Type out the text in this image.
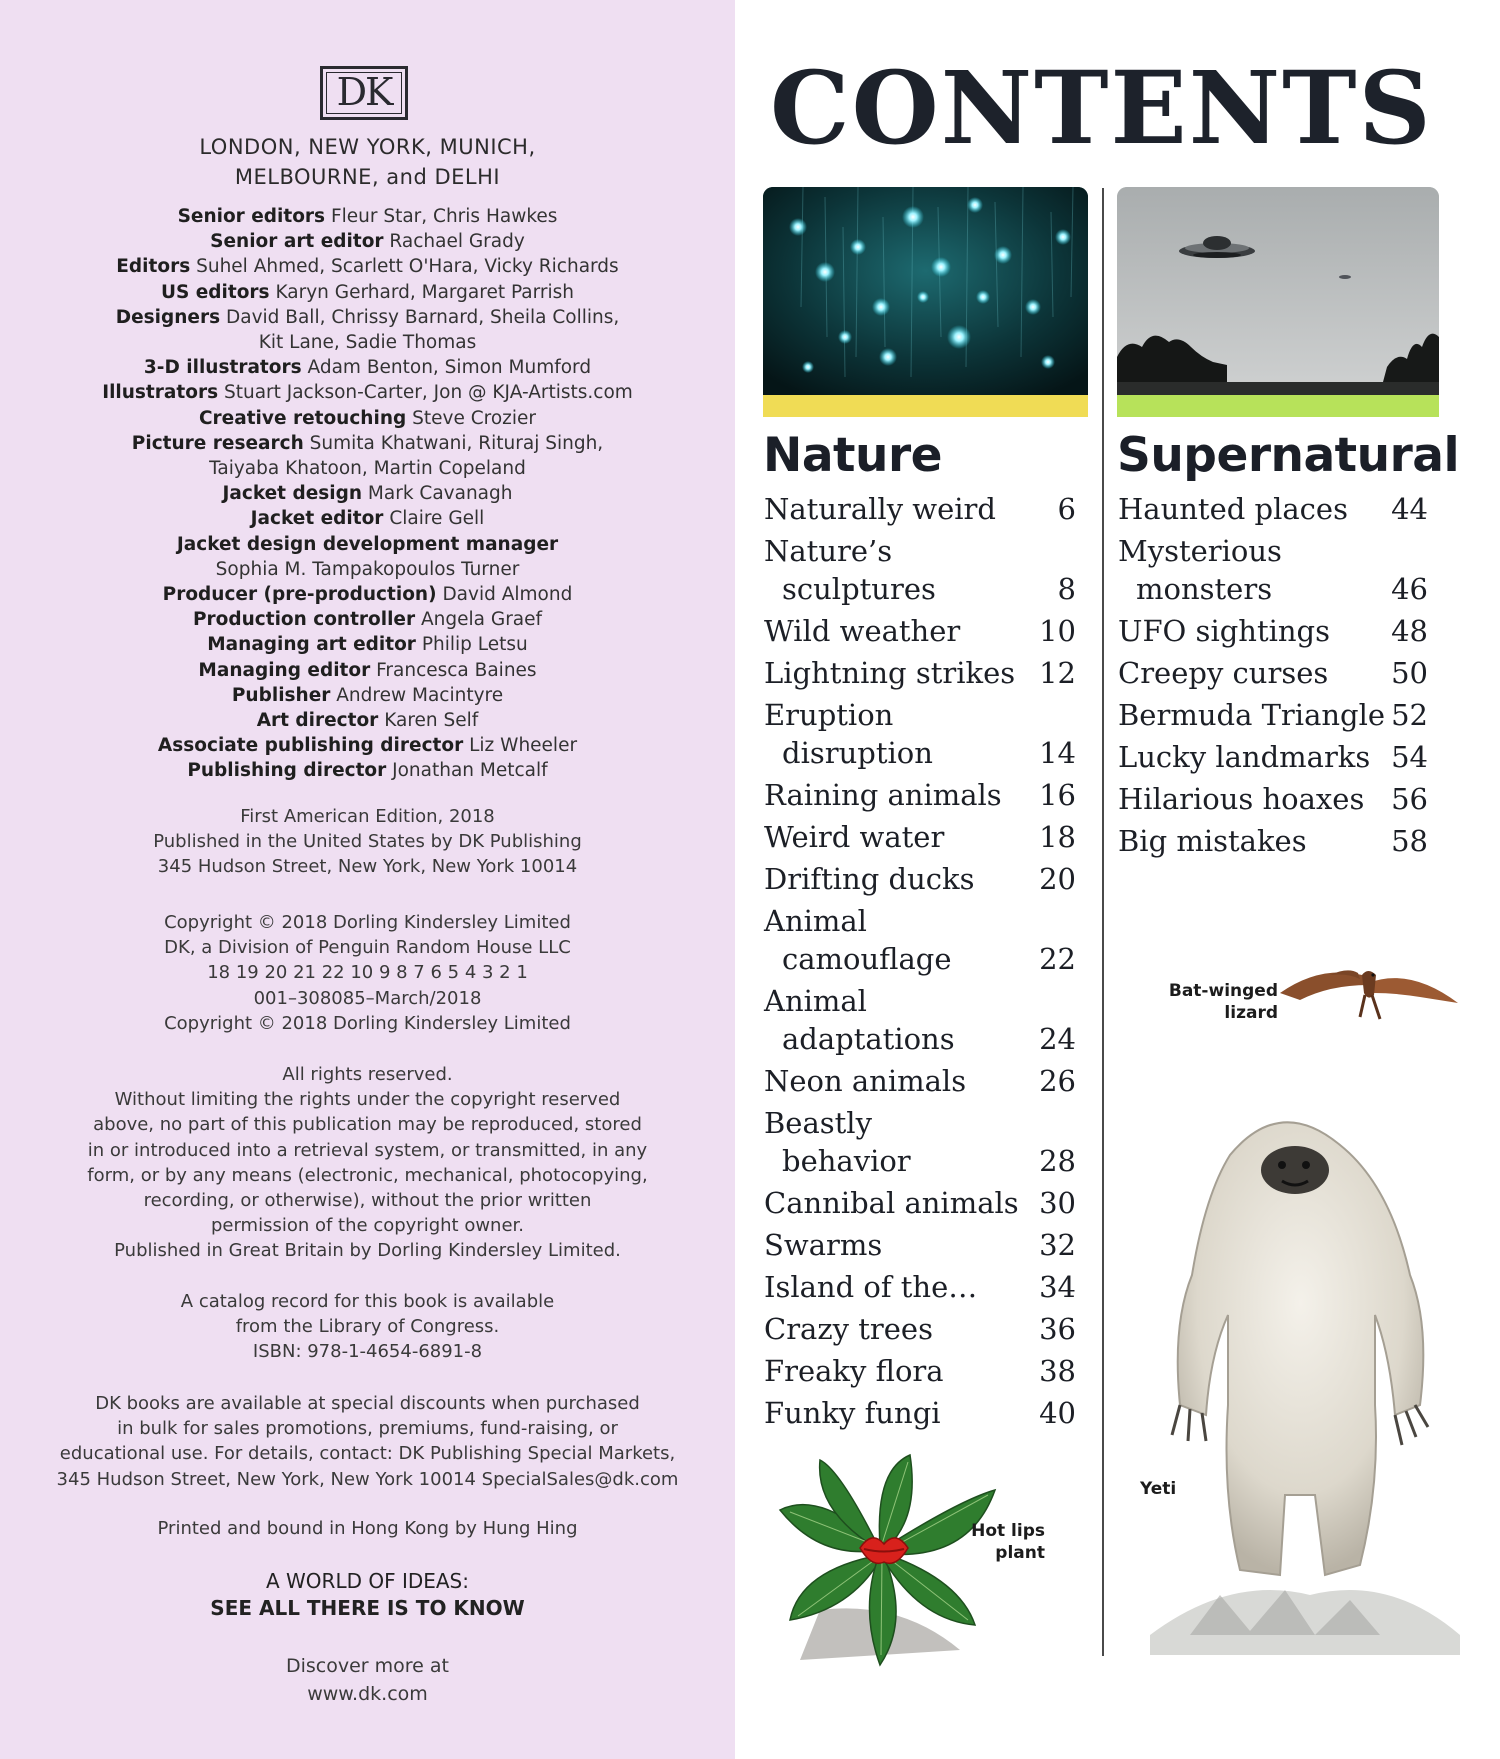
DK
LONDON, NEW YORK, MUNICH,
MELBOURNE, and DELHI
Senior editors Fleur Star, Chris Hawkes
Senior art editor Rachael Grady
Editors Suhel Ahmed, Scarlett O'Hara, Vicky Richards
US editors Karyn Gerhard, Margaret Parrish
Designers David Ball, Chrissy Barnard, Sheila Collins,
Kit Lane, Sadie Thomas
3-D illustrators Adam Benton, Simon Mumford
Illustrators Stuart Jackson-Carter, Jon @ KJA-Artists.com
Creative retouching Steve Crozier
Picture research Sumita Khatwani, Rituraj Singh,
Taiyaba Khatoon, Martin Copeland
Jacket design Mark Cavanagh
Jacket editor Claire Gell
Jacket design development manager
Sophia M. Tampakopoulos Turner
Producer (pre-production) David Almond
Production controller Angela Graef
Managing art editor Philip Letsu
Managing editor Francesca Baines
Publisher Andrew Macintyre
Art director Karen Self
Associate publishing director Liz Wheeler
Publishing director Jonathan Metcalf
First American Edition, 2018
Published in the United States by DK Publishing
345 Hudson Street, New York, New York 10014
Copyright © 2018 Dorling Kindersley Limited
DK, a Division of Penguin Random House LLC
18 19 20 21 22 10 9 8 7 6 5 4 3 2 1
001–308085–March/2018
Copyright © 2018 Dorling Kindersley Limited
All rights reserved.
Without limiting the rights under the copyright reserved
above, no part of this publication may be reproduced, stored
in or introduced into a retrieval system, or transmitted, in any
form, or by any means (electronic, mechanical, photocopying,
recording, or otherwise), without the prior written
permission of the copyright owner.
Published in Great Britain by Dorling Kindersley Limited.
A catalog record for this book is available
from the Library of Congress.
ISBN: 978-1-4654-6891-8
DK books are available at special discounts when purchased
in bulk for sales promotions, premiums, fund-raising, or
educational use. For details, contact: DK Publishing Special Markets,
345 Hudson Street, New York, New York 10014 SpecialSales@dk.com
Printed and bound in Hong Kong by Hung Hing
A WORLD OF IDEAS:
SEE ALL THERE IS TO KNOW
Discover more at
www.dk.com
CONTENTS
Nature	Supernatural
Naturally weird	6
Nature’s
sculptures	8
Wild weather	10
Lightning strikes 12
Eruption
disruption	14
Raining animals	16
Weird water	18
Drifting ducks	20
Animal
camouflage	22
Animal
adaptations	24
Neon animals	26
Beastly
behavior	28
Cannibal animals 30
Swarms	32
Island of the…	34
Crazy trees	36
Freaky flora	38
Funky fungi	40
Haunted places	44
Mysterious
monsters	46
UFO sightings	48
Creepy curses	50
Bermuda Triangle 52
Lucky landmarks 54
Hilarious hoaxes 56
Big mistakes	58
Bat-winged
lizard
Hot lips
plant
Yeti
